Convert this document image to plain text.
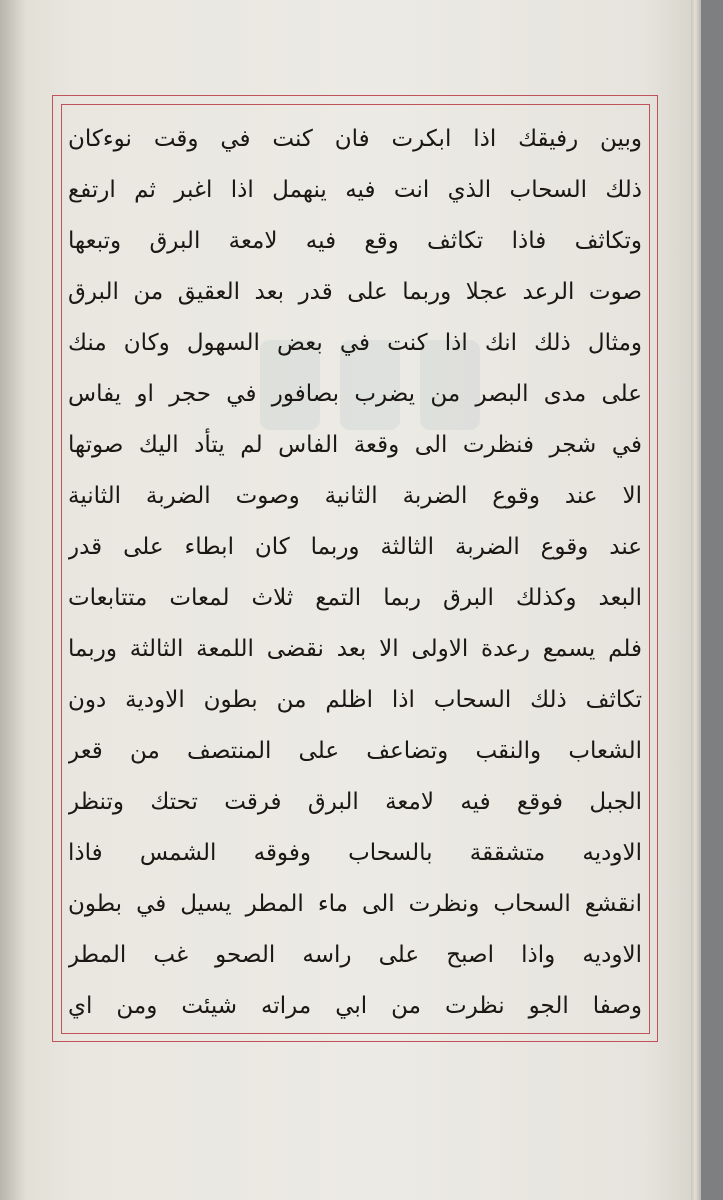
وبين رفيقك اذا ابكرت فان كنت في وقت نوءكان
ذلك السحاب الذي انت فيه ينهمل اذا اغبر ثم ارتفع
وتكاثف فاذا تكاثف وقع فيه لامعة البرق وتبعها
صوت الرعد عجلا وربما على قدر بعد العقيق من البرق
ومثال ذلك انك اذا كنت في بعض السهول وكان منك
على مدى البصر من يضرب بصافور في حجر او يفاس
في شجر فنظرت الى وقعة الفاس لم يتأد اليك صوتها
الا عند وقوع الضربة الثانية وصوت الضربة الثانية
عند وقوع الضربة الثالثة وربما كان ابطاء على قدر
البعد وكذلك البرق ربما التمع ثلاث لمعات متتابعات
فلم يسمع رعدة الاولى الا بعد نقضى اللمعة الثالثة وربما
تكاثف ذلك السحاب اذا اظلم من بطون الاودية دون
الشعاب والنقب وتضاعف على المنتصف من قعر
الجبل فوقع فيه لامعة البرق فرقت تحتك وتنظر
الاوديه متشققة بالسحاب وفوقه الشمس فاذا
انقشع السحاب ونظرت الى ماء المطر يسيل في بطون
الاوديه واذا اصبح على راسه الصحو غب المطر
وصفا الجو نظرت من ابي مراته شيئت ومن اي
